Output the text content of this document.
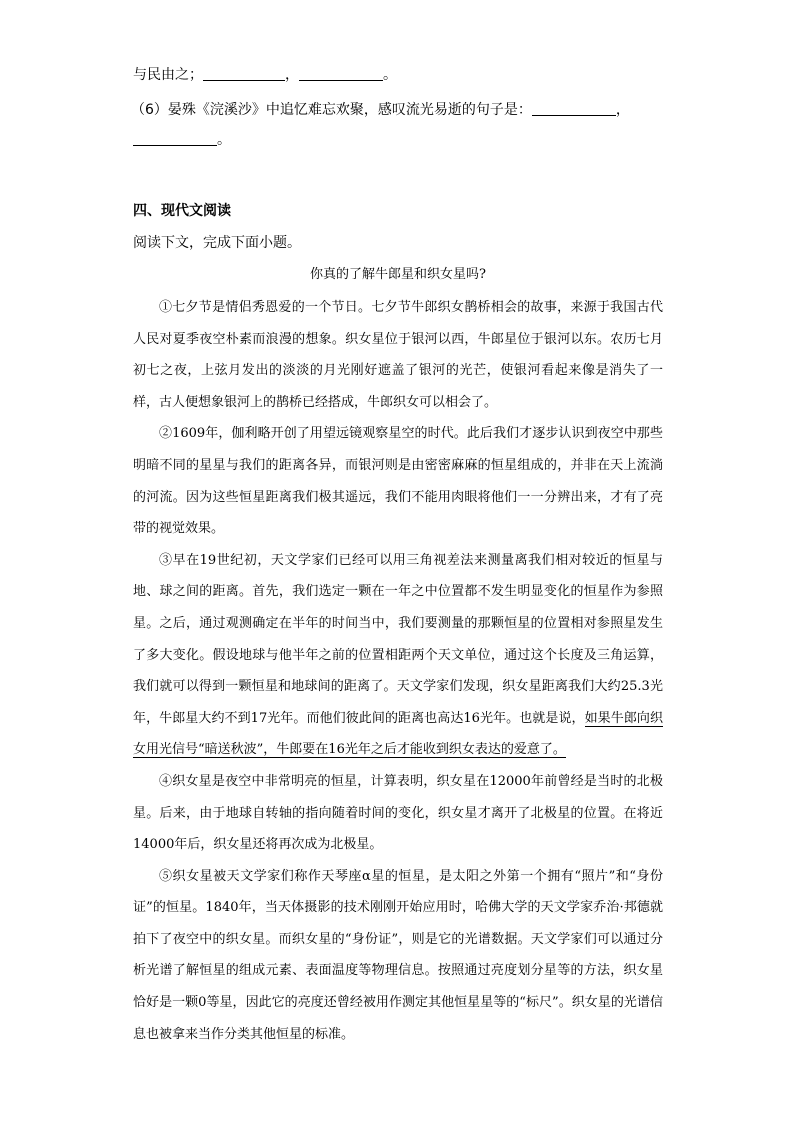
与民由之；	，	。
（6）晏殊《浣溪沙》中追忆难忘欢聚，感叹流光易逝的句子是：	，
。
四、现代文阅读
阅读下文，完成下面小题。
你真的了解牛郎星和织女星吗?

①七夕节是情侣秀恩爱的一个节日。七夕节牛郎织女鹊桥相会的故事，来源于我国古代人民对夏季夜空朴素而浪漫的想象。织女星位于银河以西，牛郎星位于银河以东。农历七月初七之夜，上弦月发出的淡淡的月光刚好遮盖了银河的光芒，使银河看起来像是消失了一样，古人便想象银河上的鹊桥已经搭成，牛郎织女可以相会了。

②1609年，伽利略开创了用望远镜观察星空的时代。此后我们才逐步认识到夜空中那些明暗不同的星星与我们的距离各异，而银河则是由密密麻麻的恒星组成的，并非在天上流淌的河流。因为这些恒星距离我们极其遥远，我们不能用肉眼将他们一一分辨出来，才有了亮带的视觉效果。

③早在19世纪初，天文学家们已经可以用三角视差法来测量离我们相对较近的恒星与地、球之间的距离。首先，我们选定一颗在一年之中位置都不发生明显变化的恒星作为参照星。之后，通过观测确定在半年的时间当中，我们要测量的那颗恒星的位置相对参照星发生了多大变化。假设地球与他半年之前的位置相距两个天文单位，通过这个长度及三角运算，我们就可以得到一颗恒星和地球间的距离了。天文学家们发现，织女星距离我们大约25.3光年，牛郎星大约不到17光年。而他们彼此间的距离也高达16光年。也就是说，如果牛郎向织女用光信号“暗送秋波”，牛郎要在16光年之后才能收到织女表达的爱意了。

④织女星是夜空中非常明亮的恒星，计算表明，织女星在12000年前曾经是当时的北极星。后来，由于地球自转轴的指向随着时间的变化，织女星才离开了北极星的位置。在将近14000年后，织女星还将再次成为北极星。

⑤织女星被天文学家们称作天琴座α星的恒星，是太阳之外第一个拥有“照片”和“身份证”的恒星。1840年，当天体摄影的技术刚刚开始应用时，哈佛大学的天文学家乔治·邦德就拍下了夜空中的织女星。而织女星的“身份证”，则是它的光谱数据。天文学家们可以通过分析光谱了解恒星的组成元素、表面温度等物理信息。按照通过亮度划分星等的方法，织女星恰好是一颗0等星，因此它的亮度还曾经被用作测定其他恒星星等的“标尺”。织女星的光谱信息也被拿来当作分类其他恒星的标准。
